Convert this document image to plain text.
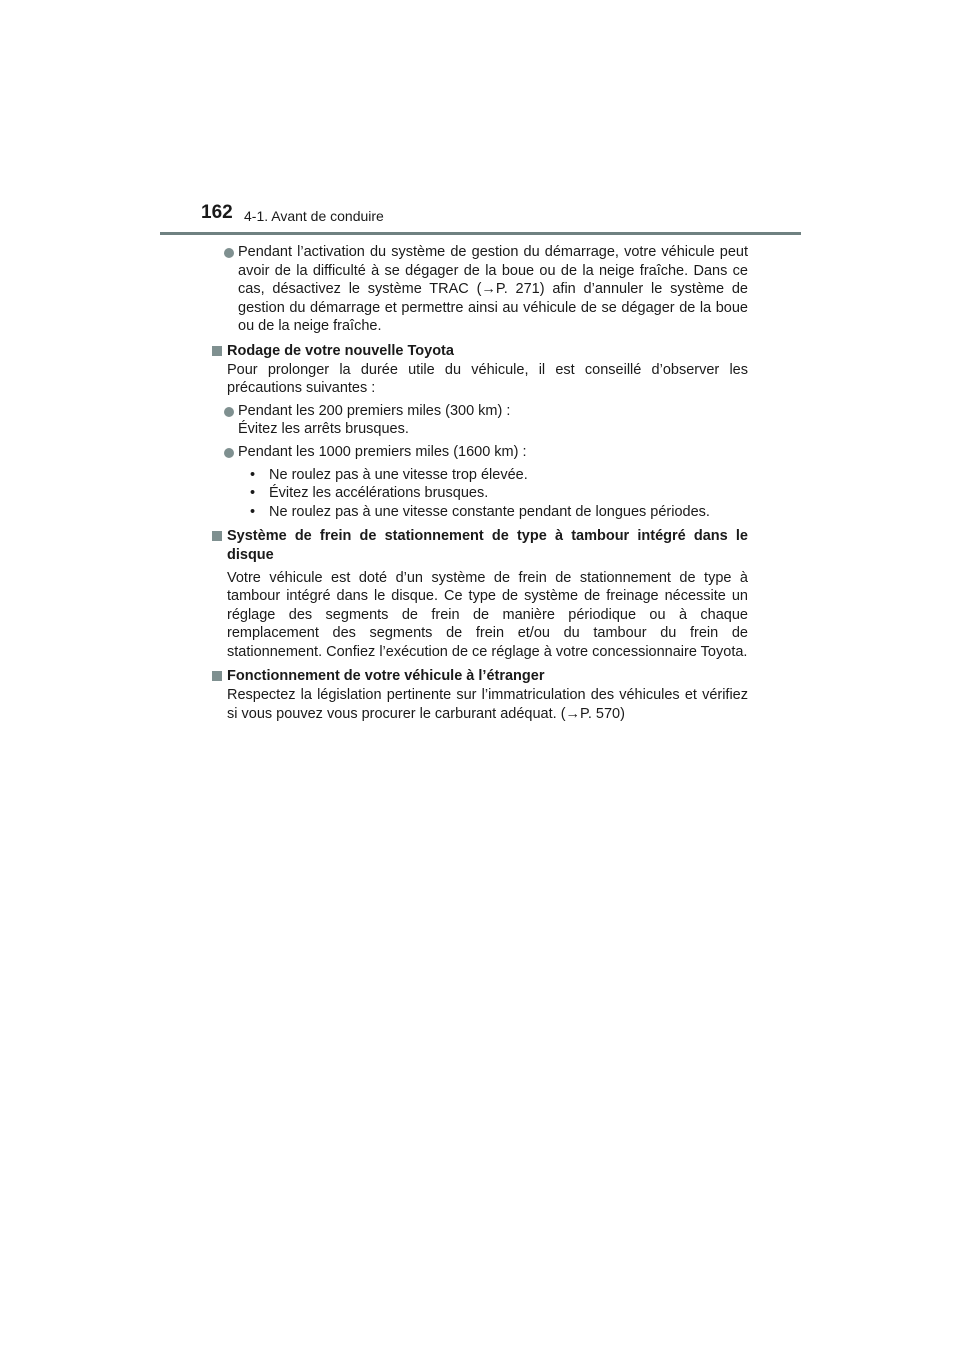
162 4-1. Avant de conduire

Pendant l’activation du système de gestion du démarrage, votre véhicule peut avoir de la difficulté à se dégager de la boue ou de la neige fraîche. Dans ce cas, désactivez le système TRAC (→P. 271) afin d’annuler le système de gestion du démarrage et permettre ainsi au véhicule de se dégager de la boue ou de la neige fraîche.

Rodage de votre nouvelle Toyota

Pour prolonger la durée utile du véhicule, il est conseillé d’observer les précautions suivantes :

Pendant les 200 premiers miles (300 km) :

Évitez les arrêts brusques.

Pendant les 1000 premiers miles (1600 km) :

• Ne roulez pas à une vitesse trop élevée.
• Évitez les accélérations brusques.
• Ne roulez pas à une vitesse constante pendant de longues périodes.
Système de frein de stationnement de type à tambour intégré dans le disque

Votre véhicule est doté d’un système de frein de stationnement de type à tambour intégré dans le disque. Ce type de système de freinage nécessite un réglage des segments de frein de manière périodique ou à chaque remplacement des segments de frein et/ou du tambour du frein de stationnement. Confiez l’exécution de ce réglage à votre concessionnaire Toyota.

Fonctionnement de votre véhicule à l’étranger

Respectez la législation pertinente sur l’immatriculation des véhicules et vérifiez si vous pouvez vous procurer le carburant adéquat. (→P. 570)
